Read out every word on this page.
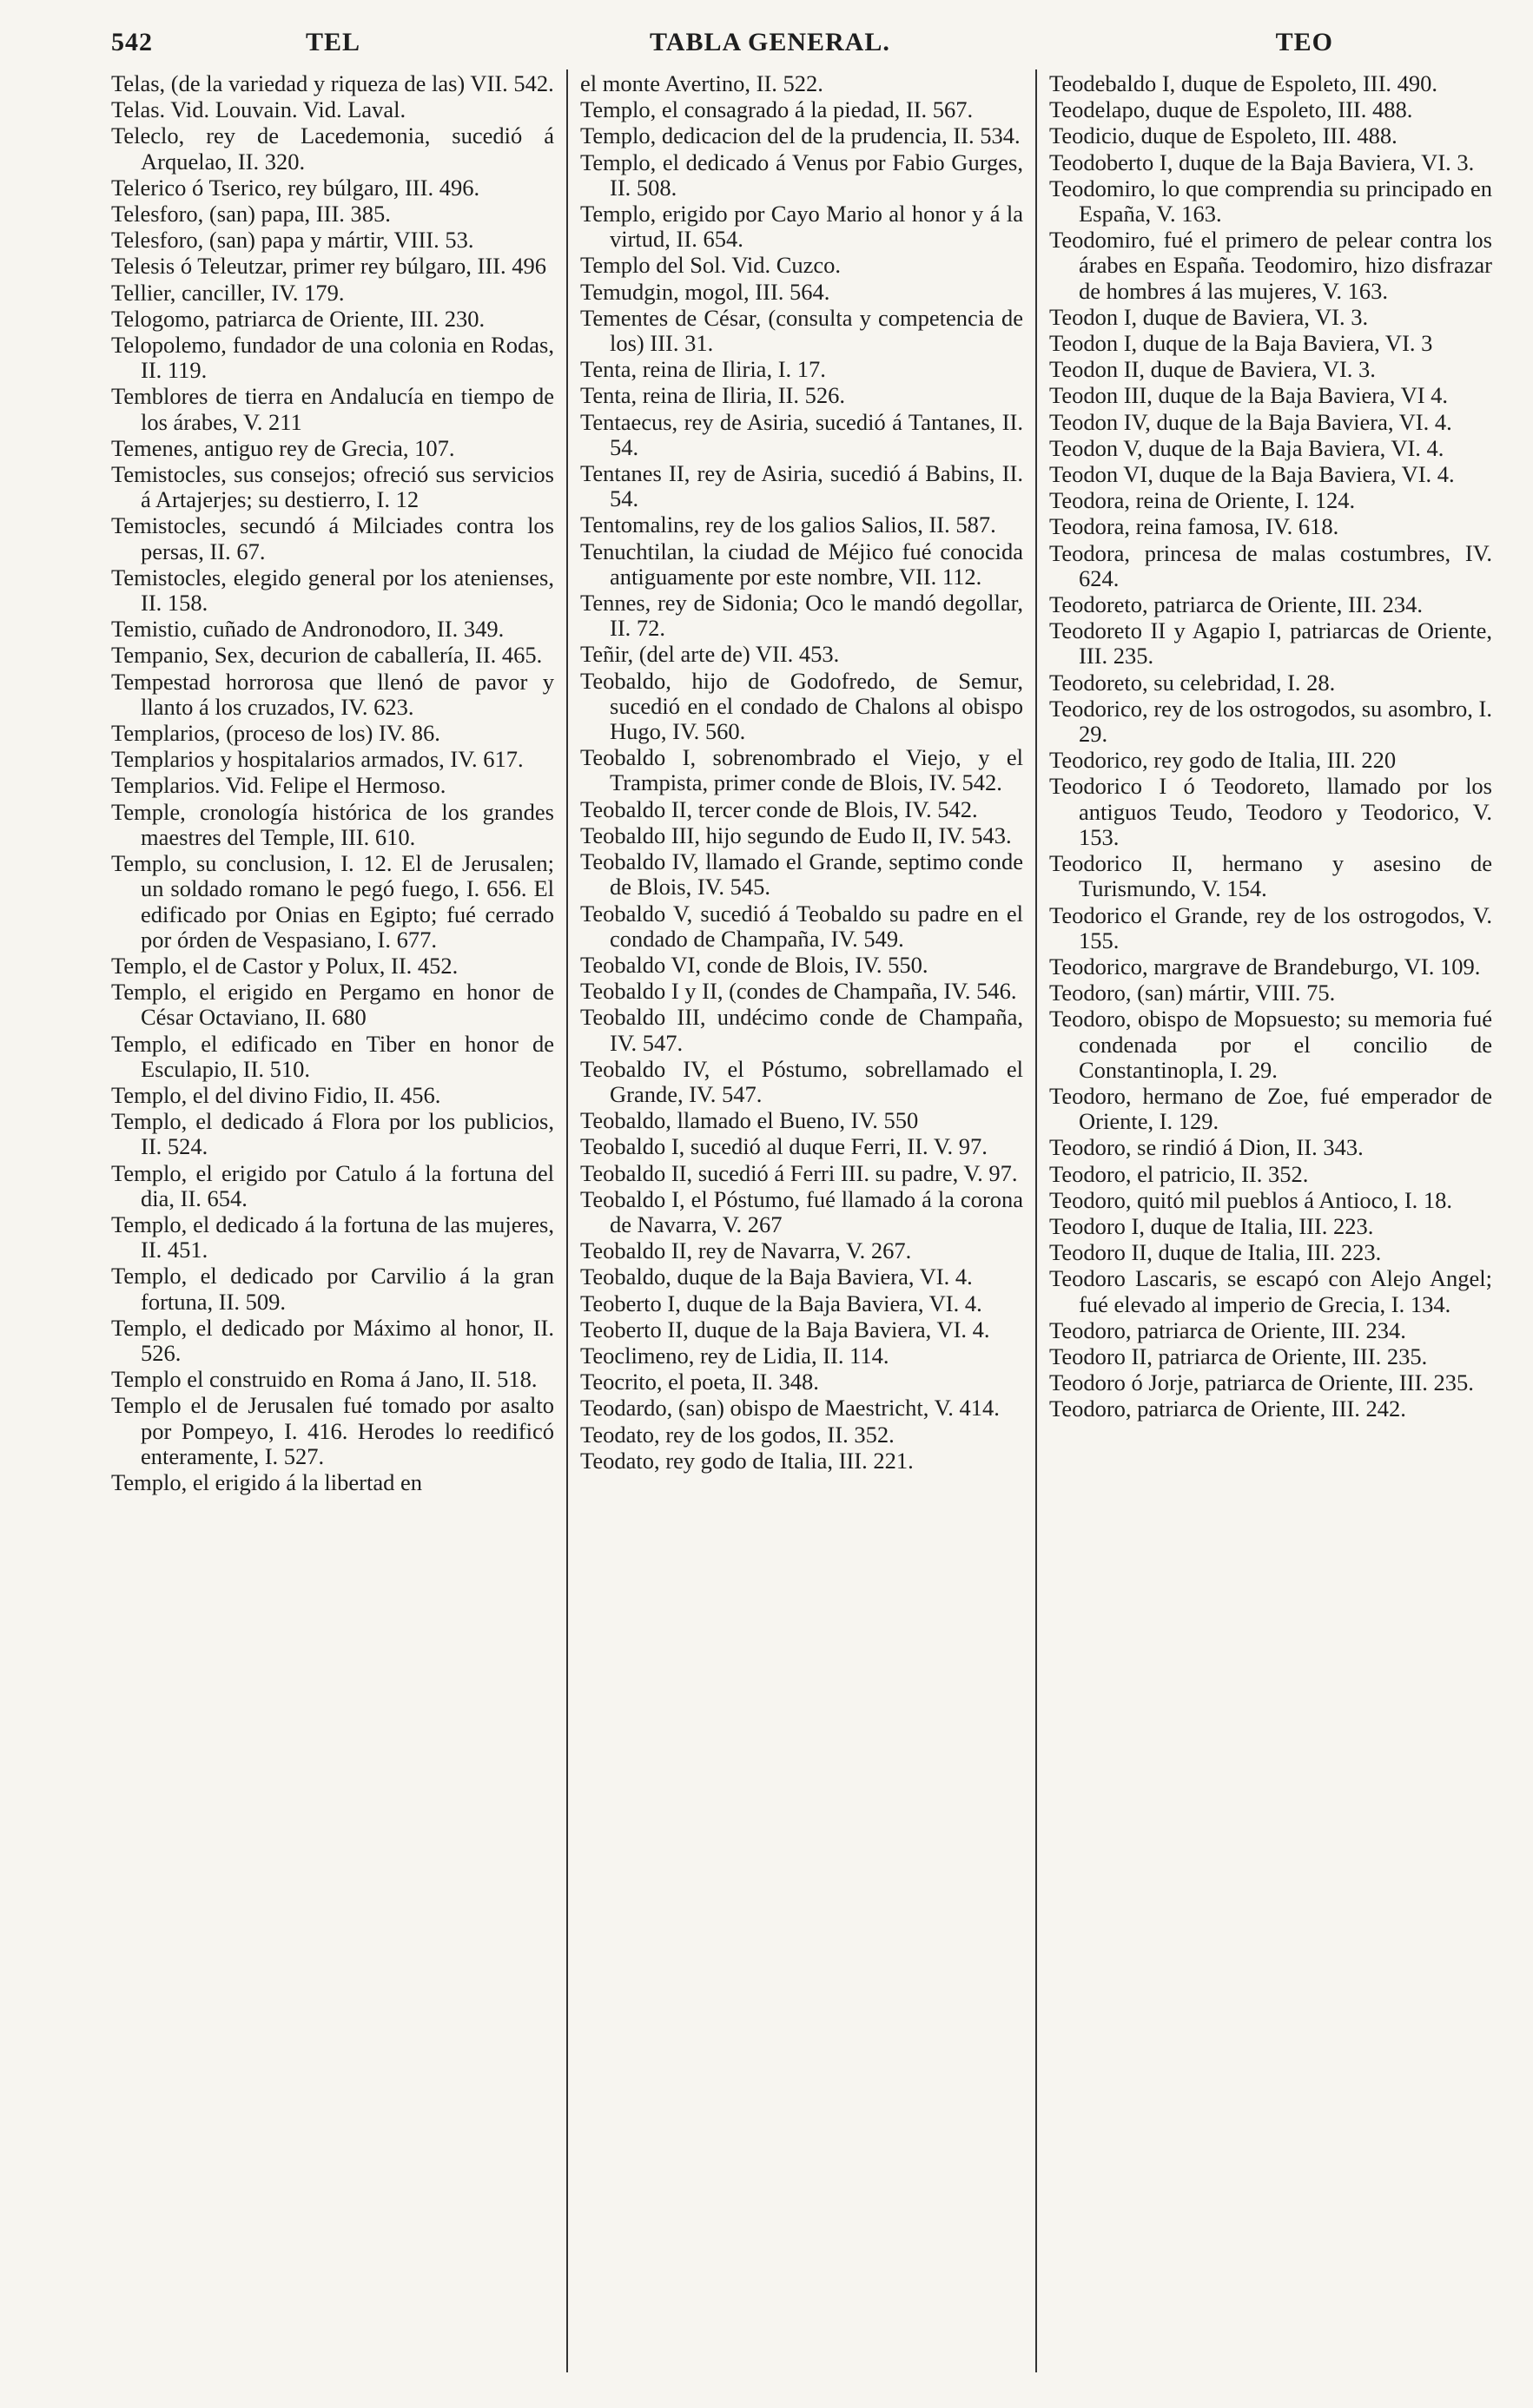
542	TEL	TABLA GENERAL.	TEO

Telas, (de la variedad y riqueza de las) VII. 542.

Telas. Vid. Louvain. Vid. Laval.

Teleclo, rey de Lacedemonia, sucedió á Arquelao, II. 320.

Telerico ó Tserico, rey búlgaro, III. 496.

Telesforo, (san) papa, III. 385.

Telesforo, (san) papa y mártir, VIII. 53.

Telesis ó Teleutzar, primer rey búlgaro, III. 496

Tellier, canciller, IV. 179.

Telogomo, patriarca de Oriente, III. 230.

Telopolemo, fundador de una colonia en Rodas, II. 119.

Temblores de tierra en Andalucía en tiempo de los árabes, V. 211

Temenes, antiguo rey de Grecia, 107.

Temistocles, sus consejos; ofreció sus servicios á Artajerjes; su destierro, I. 12

Temistocles, secundó á Milciades contra los persas, II. 67.

Temistocles, elegido general por los atenienses, II. 158.

Temistio, cuñado de Andronodoro, II. 349.

Tempanio, Sex, decurion de caballería, II. 465.

Tempestad horrorosa que llenó de pavor y llanto á los cruzados, IV. 623.

Templarios, (proceso de los) IV. 86.

Templarios y hospitalarios armados, IV. 617.

Templarios. Vid. Felipe el Hermoso.

Temple, cronología histórica de los grandes maestres del Temple, III. 610.

Templo, su conclusion, I. 12. El de Jerusalen; un soldado romano le pegó fuego, I. 656. El edificado por Onias en Egipto; fué cerrado por órden de Vespasiano, I. 677.

Templo, el de Castor y Polux, II. 452.

Templo, el erigido en Pergamo en honor de César Octaviano, II. 680

Templo, el edificado en Tiber en honor de Esculapio, II. 510.

Templo, el del divino Fidio, II. 456.

Templo, el dedicado á Flora por los publicios, II. 524.

Templo, el erigido por Catulo á la fortuna del dia, II. 654.

Templo, el dedicado á la fortuna de las mujeres, II. 451.

Templo, el dedicado por Carvilio á la gran fortuna, II. 509.

Templo, el dedicado por Máximo al honor, II. 526.

Templo el construido en Roma á Jano, II. 518.

Templo el de Jerusalen fué tomado por asalto por Pompeyo, I. 416. Herodes lo reedificó enteramente, I. 527.

Templo, el erigido á la libertad en

el monte Avertino, II. 522.

Templo, el consagrado á la piedad, II. 567.

Templo, dedicacion del de la prudencia, II. 534.

Templo, el dedicado á Venus por Fabio Gurges, II. 508.

Templo, erigido por Cayo Mario al honor y á la virtud, II. 654.

Templo del Sol. Vid. Cuzco.

Temudgin, mogol, III. 564.

Tementes de César, (consulta y competencia de los) III. 31.

Tenta, reina de Iliria, I. 17.

Tenta, reina de Iliria, II. 526.

Tentaecus, rey de Asiria, sucedió á Tantanes, II. 54.

Tentanes II, rey de Asiria, sucedió á Babins, II. 54.

Tentomalins, rey de los galios Salios, II. 587.

Tenuchtilan, la ciudad de Méjico fué conocida antiguamente por este nombre, VII. 112.

Tennes, rey de Sidonia; Oco le mandó degollar, II. 72.

Teñir, (del arte de) VII. 453.

Teobaldo, hijo de Godofredo, de Semur, sucedió en el condado de Chalons al obispo Hugo, IV. 560.

Teobaldo I, sobrenombrado el Viejo, y el Trampista, primer conde de Blois, IV. 542.

Teobaldo II, tercer conde de Blois, IV. 542.

Teobaldo III, hijo segundo de Eudo II, IV. 543.

Teobaldo IV, llamado el Grande, septimo conde de Blois, IV. 545.

Teobaldo V, sucedió á Teobaldo su padre en el condado de Champaña, IV. 549.

Teobaldo VI, conde de Blois, IV. 550.

Teobaldo I y II, (condes de Champaña, IV. 546.

Teobaldo III, undécimo conde de Champaña, IV. 547.

Teobaldo IV, el Póstumo, sobrellamado el Grande, IV. 547.

Teobaldo, llamado el Bueno, IV. 550

Teobaldo I, sucedió al duque Ferri, II. V. 97.

Teobaldo II, sucedió á Ferri III. su padre, V. 97.

Teobaldo I, el Póstumo, fué llamado á la corona de Navarra, V. 267

Teobaldo II, rey de Navarra, V. 267.

Teobaldo, duque de la Baja Baviera, VI. 4.

Teoberto I, duque de la Baja Baviera, VI. 4.

Teoberto II, duque de la Baja Baviera, VI. 4.

Teoclimeno, rey de Lidia, II. 114.

Teocrito, el poeta, II. 348.

Teodardo, (san) obispo de Maestricht, V. 414.

Teodato, rey de los godos, II. 352.

Teodato, rey godo de Italia, III. 221.

Teodebaldo I, duque de Espoleto, III. 490.

Teodelapo, duque de Espoleto, III. 488.

Teodicio, duque de Espoleto, III. 488.

Teodoberto I, duque de la Baja Baviera, VI. 3.

Teodomiro, lo que comprendia su principado en España, V. 163.

Teodomiro, fué el primero de pelear contra los árabes en España. Teodomiro, hizo disfrazar de hombres á las mujeres, V. 163.

Teodon I, duque de Baviera, VI. 3.

Teodon I, duque de la Baja Baviera, VI. 3

Teodon II, duque de Baviera, VI. 3.

Teodon III, duque de la Baja Baviera, VI 4.

Teodon IV, duque de la Baja Baviera, VI. 4.

Teodon V, duque de la Baja Baviera, VI. 4.

Teodon VI, duque de la Baja Baviera, VI. 4.

Teodora, reina de Oriente, I. 124.

Teodora, reina famosa, IV. 618.

Teodora, princesa de malas costumbres, IV. 624.

Teodoreto, patriarca de Oriente, III. 234.

Teodoreto II y Agapio I, patriarcas de Oriente, III. 235.

Teodoreto, su celebridad, I. 28.

Teodorico, rey de los ostrogodos, su asombro, I. 29.

Teodorico, rey godo de Italia, III. 220

Teodorico I ó Teodoreto, llamado por los antiguos Teudo, Teodoro y Teodorico, V. 153.

Teodorico II, hermano y asesino de Turismundo, V. 154.

Teodorico el Grande, rey de los ostrogodos, V. 155.

Teodorico, margrave de Brandeburgo, VI. 109.

Teodoro, (san) mártir, VIII. 75.

Teodoro, obispo de Mopsuesto; su memoria fué condenada por el concilio de Constantinopla, I. 29.

Teodoro, hermano de Zoe, fué emperador de Oriente, I. 129.

Teodoro, se rindió á Dion, II. 343.

Teodoro, el patricio, II. 352.

Teodoro, quitó mil pueblos á Antioco, I. 18.

Teodoro I, duque de Italia, III. 223.

Teodoro II, duque de Italia, III. 223.

Teodoro Lascaris, se escapó con Alejo Angel; fué elevado al imperio de Grecia, I. 134.

Teodoro, patriarca de Oriente, III. 234.

Teodoro II, patriarca de Oriente, III. 235.

Teodoro ó Jorje, patriarca de Oriente, III. 235.

Teodoro, patriarca de Oriente, III. 242.
